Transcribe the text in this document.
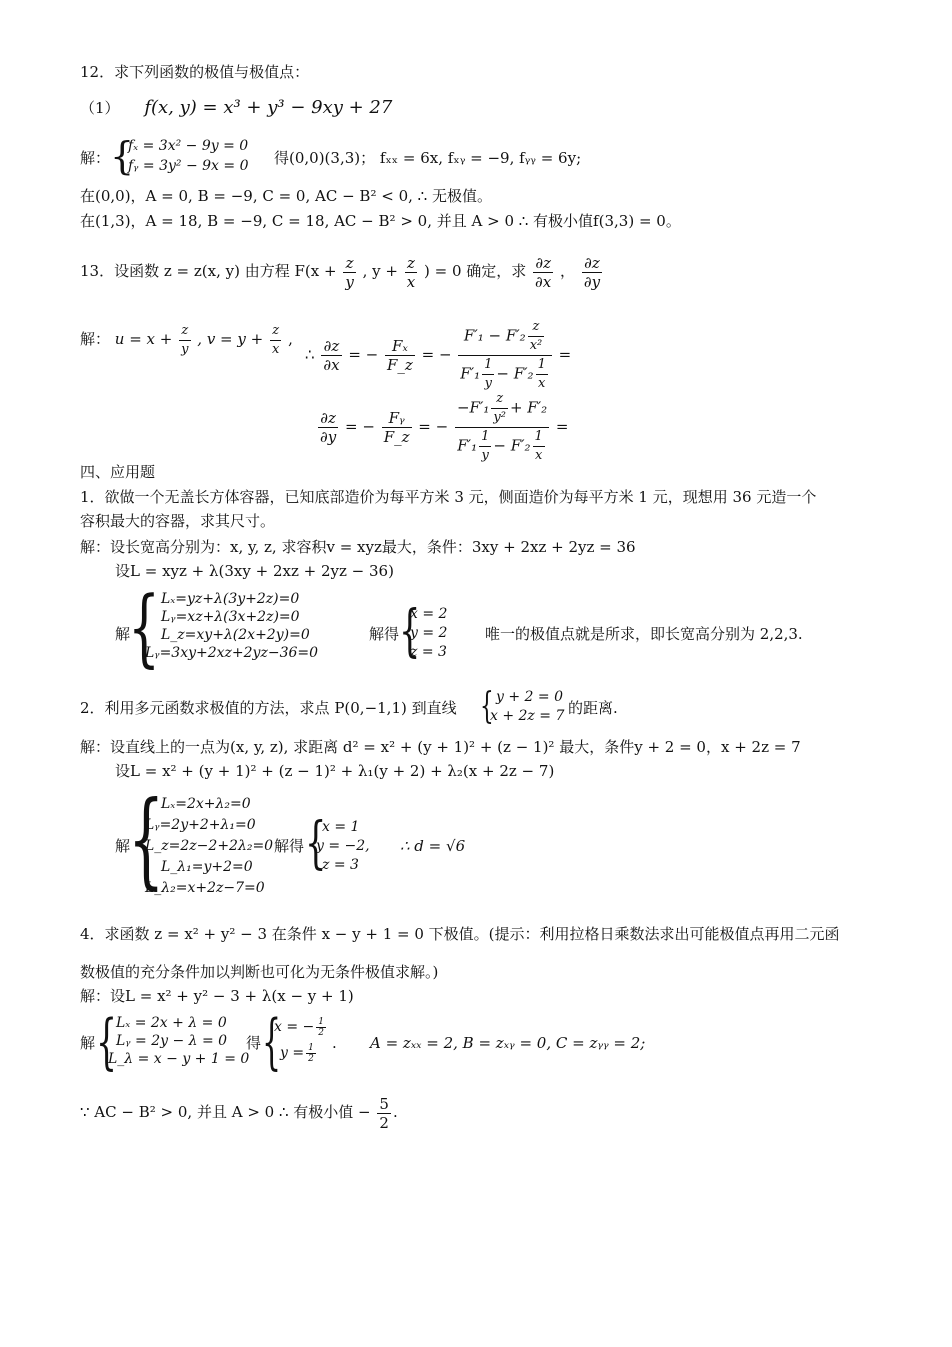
12．求下列函数的极值与极值点：
（1） f(x, y) = x³ + y³ − 9xy + 27
解： {
fₓ = 3x² − 9y = 0
fᵧ = 3y² − 9x = 0 得(0,0)(3,3)； fₓₓ = 6x, fₓᵧ = −9, fᵧᵧ = 6y;
在(0,0)，A = 0, B = −9, C = 0, AC − B² < 0, ∴ 无极值。
在(1,3)，A = 18, B = −9, C = 18, AC − B² > 0, 并且 A > 0 ∴ 有极小值f(3,3) = 0。
13．设函数 z = z(x, y) 由方程 $F(x + \frac{z}{y}$ , $y + \frac{z}{x}$ ) = 0 确定，求 $\frac{\partial z}{\partial x}$ ， $\frac{\partial z}{\partial y}$
解： $u = x + \frac{z}{y}$ , $v = y + \frac{z}{x}$ ,
∴ $\frac{\partial z}{\partial x}$ = − $\frac{\text{Fₓ}}{F\_z}$ = − $\frac{F'_1 - F'_2 \frac{z}{\text{x²}}}{F'_1 \frac{1}{y} - F'_2 \frac{1}{x}}$ =
$\frac{\partial z}{\partial y}$ = − $\frac{\text{Fᵧ}}{F\_z}$ = − $\frac{-F'_1 \frac{z}{\text{y²}} + F'_2}{F'_1 \frac{1}{y} - F'_2 \frac{1}{x}}$ =
四、应用题
1．欲做一个无盖长方体容器，已知底部造价为每平方米 3 元，侧面造价为每平方米 1 元，现想用 36 元造一个
容积最大的容器，求其尺寸。
解：设长宽高分别为：x, y, z, 求容积v = xyz最大，条件：3xy + 2xz + 2yz = 36
设L = xyz + λ(3xy + 2xz + 2yz − 36)
解
{ Lₓ=yz+λ(3y+2z)=0
Lᵧ=xz+λ(3x+2z)=0
L_z=xy+λ(2x+2y)=0
Lᵧ=3xy+2xz+2yz−36=0
解得 {
x = 2
y = 2
z = 3
唯一的极值点就是所求，即长宽高分别为 2,2,3.
2．利用多元函数求极值的方法，求点 P(0,−1,1) 到直线 { y + 2 = 0
x + 2z = 7 的距离.
解：设直线上的一点为(x, y, z), 求距离 d² = x² + (y + 1)² + (z − 1)² 最大，条件y + 2 = 0，x + 2z = 7
设L = x² + (y + 1)² + (z − 1)² + λ₁(y + 2) + λ₂(x + 2z − 7)
解
{
Lₓ=2x+λ₂=0
Lᵧ=2y+2+λ₁=0
L_z=2z−2+2λ₂=0
L_λ₁=y+2=0
L_λ₂=x+2z−7=0
解得 {
x = 1
y = −2,
z = 3
∴ d = √6
4．求函数 z = x² + y² − 3 在条件 x − y + 1 = 0 下极值。(提示：利用拉格日乘数法求出可能极值点再用二元函
数极值的充分条件加以判断也可化为无条件极值求解。)
解：设L = x² + y² − 3 + λ(x − y + 1)
解 {
Lₓ = 2x + λ = 0
Lᵧ = 2y − λ = 0
L_λ = x − y + 1 = 0
得 {
x = − $\frac{1}{2}$
$y = \frac{1}{2}$ . A = zₓₓ = 2, B = zₓᵧ = 0, C = zᵧᵧ = 2;
∵ AC − B² > 0, 并且 A > 0 ∴ 有极小值 − $\frac{5}{2}$ .
